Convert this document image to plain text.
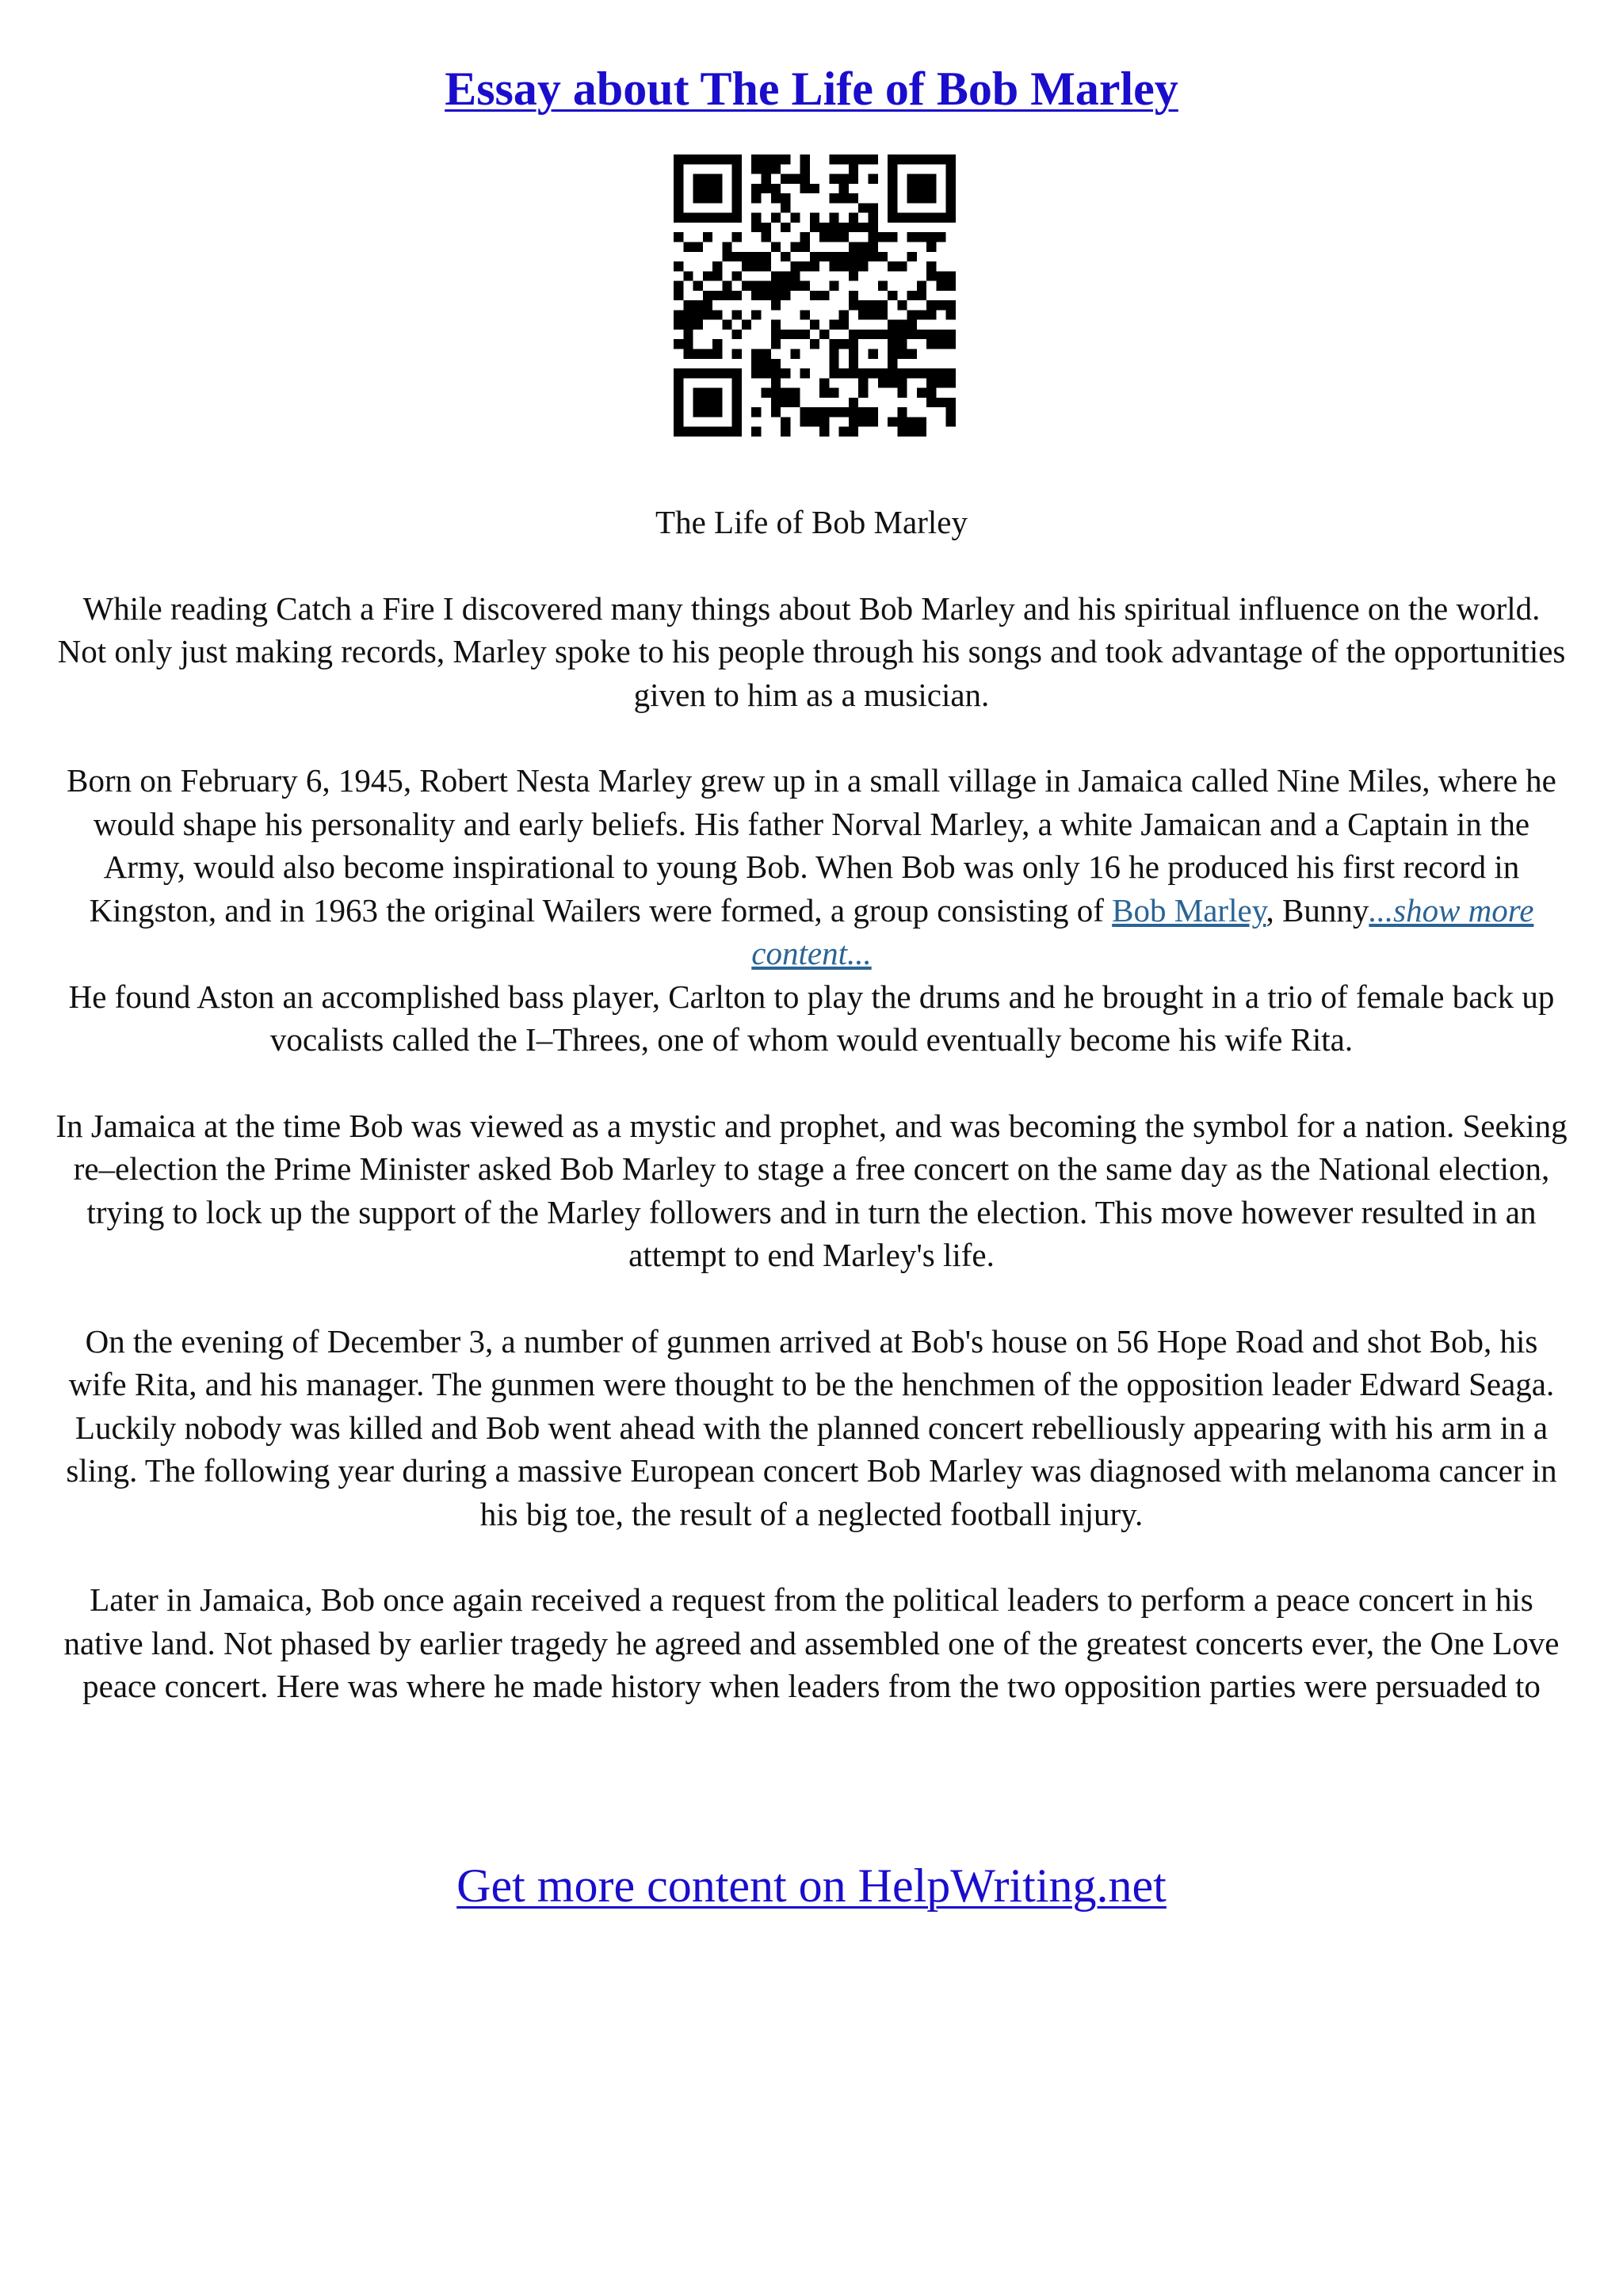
Essay about The Life of Bob Marley

The Life of Bob Marley

While reading Catch a Fire I discovered many things about Bob Marley and his spiritual influence on the world. Not only just making records, Marley spoke to his people through his songs and took advantage of the opportunities given to him as a musician.

Born on February 6, 1945, Robert Nesta Marley grew up in a small village in Jamaica called Nine Miles, where he would shape his personality and early beliefs. His father Norval Marley, a white Jamaican and a Captain in the Army, would also become inspirational to young Bob. When Bob was only 16 he produced his first record in Kingston, and in 1963 the original Wailers were formed, a group consisting of Bob Marley, Bunny...show more content...

He found Aston an accomplished bass player, Carlton to play the drums and he brought in a trio of female back up vocalists called the I–Threes, one of whom would eventually become his wife Rita.

In Jamaica at the time Bob was viewed as a mystic and prophet, and was becoming the symbol for a nation. Seeking re–election the Prime Minister asked Bob Marley to stage a free concert on the same day as the National election, trying to lock up the support of the Marley followers and in turn the election. This move however resulted in an attempt to end Marley's life.

On the evening of December 3, a number of gunmen arrived at Bob's house on 56 Hope Road and shot Bob, his wife Rita, and his manager. The gunmen were thought to be the henchmen of the opposition leader Edward Seaga. Luckily nobody was killed and Bob went ahead with the planned concert rebelliously appearing with his arm in a sling. The following year during a massive European concert Bob Marley was diagnosed with melanoma cancer in his big toe, the result of a neglected football injury.

Later in Jamaica, Bob once again received a request from the political leaders to perform a peace concert in his native land. Not phased by earlier tragedy he agreed and assembled one of the greatest concerts ever, the One Love peace concert. Here was where he made history when leaders from the two opposition parties were persuaded to

Get more content on HelpWriting.net
